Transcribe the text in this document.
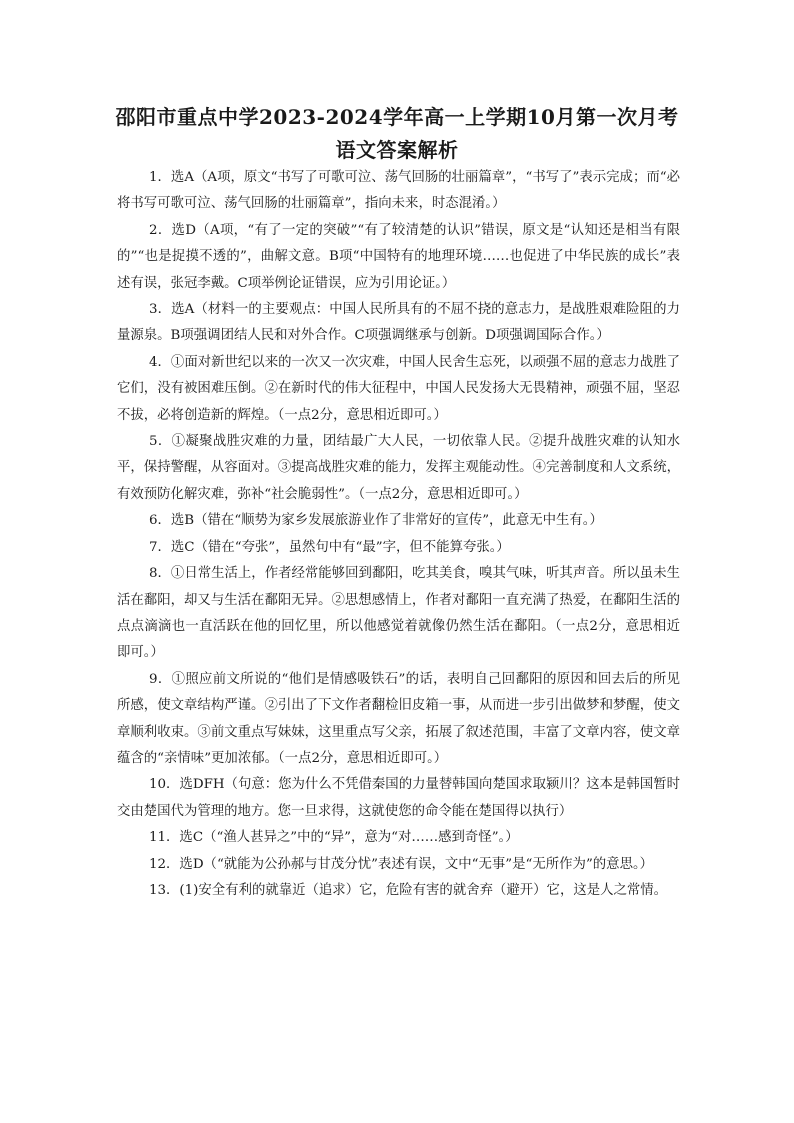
邵阳市重点中学2023-2024学年高一上学期10月第一次月考
语文答案解析

1．选A（A项，原文“书写了可歌可泣、荡气回肠的壮丽篇章”，“书写了”表示完成；而“必将书写可歌可泣、荡气回肠的壮丽篇章”，指向未来，时态混淆。）

2．选D（A项，“有了一定的突破”“有了较清楚的认识”错误，原文是“认知还是相当有限的”“也是捉摸不透的”，曲解文意。B项“中国特有的地理环境……也促进了中华民族的成长”表述有误，张冠李戴。C项举例论证错误，应为引用论证。）

3．选A（材料一的主要观点：中国人民所具有的不屈不挠的意志力，是战胜艰难险阻的力量源泉。B项强调团结人民和对外合作。C项强调继承与创新。D项强调国际合作。）

4．①面对新世纪以来的一次又一次灾难，中国人民舍生忘死，以顽强不屈的意志力战胜了它们，没有被困难压倒。②在新时代的伟大征程中，中国人民发扬大无畏精神，顽强不屈，坚忍不拔，必将创造新的辉煌。（一点2分，意思相近即可。）

5．①凝聚战胜灾难的力量，团结最广大人民，一切依靠人民。②提升战胜灾难的认知水平，保持警醒，从容面对。③提高战胜灾难的能力，发挥主观能动性。④完善制度和人文系统，有效预防化解灾难，弥补“社会脆弱性”。（一点2分，意思相近即可。）

6．选B（错在“顺势为家乡发展旅游业作了非常好的宣传”，此意无中生有。）

7．选C（错在“夸张”，虽然句中有“最”字，但不能算夸张。）

8．①日常生活上，作者经常能够回到鄱阳，吃其美食，嗅其气味，听其声音。所以虽未生活在鄱阳，却又与生活在鄱阳无异。②思想感情上，作者对鄱阳一直充满了热爱，在鄱阳生活的点点滴滴也一直活跃在他的回忆里，所以他感觉着就像仍然生活在鄱阳。（一点2分，意思相近即可。）

9．①照应前文所说的“他们是情感吸铁石”的话，表明自己回鄱阳的原因和回去后的所见所感，使文章结构严谨。②引出了下文作者翻检旧皮箱一事，从而进一步引出做梦和梦醒，使文章顺利收束。③前文重点写妹妹，这里重点写父亲，拓展了叙述范围，丰富了文章内容，使文章蕴含的“亲情味”更加浓郁。（一点2分，意思相近即可。）

10．选DFH（句意：您为什么不凭借秦国的力量替韩国向楚国求取颍川？这本是韩国暂时交由楚国代为管理的地方。您一旦求得，这就使您的命令能在楚国得以执行）

11．选C（“渔人甚异之”中的“异”，意为“对……感到奇怪”。）

12．选D（“就能为公孙郝与甘茂分忧”表述有误，文中“无事”是“无所作为”的意思。）

13．(1)安全有利的就靠近（追求）它，危险有害的就舍弃（避开）它，这是人之常情。
